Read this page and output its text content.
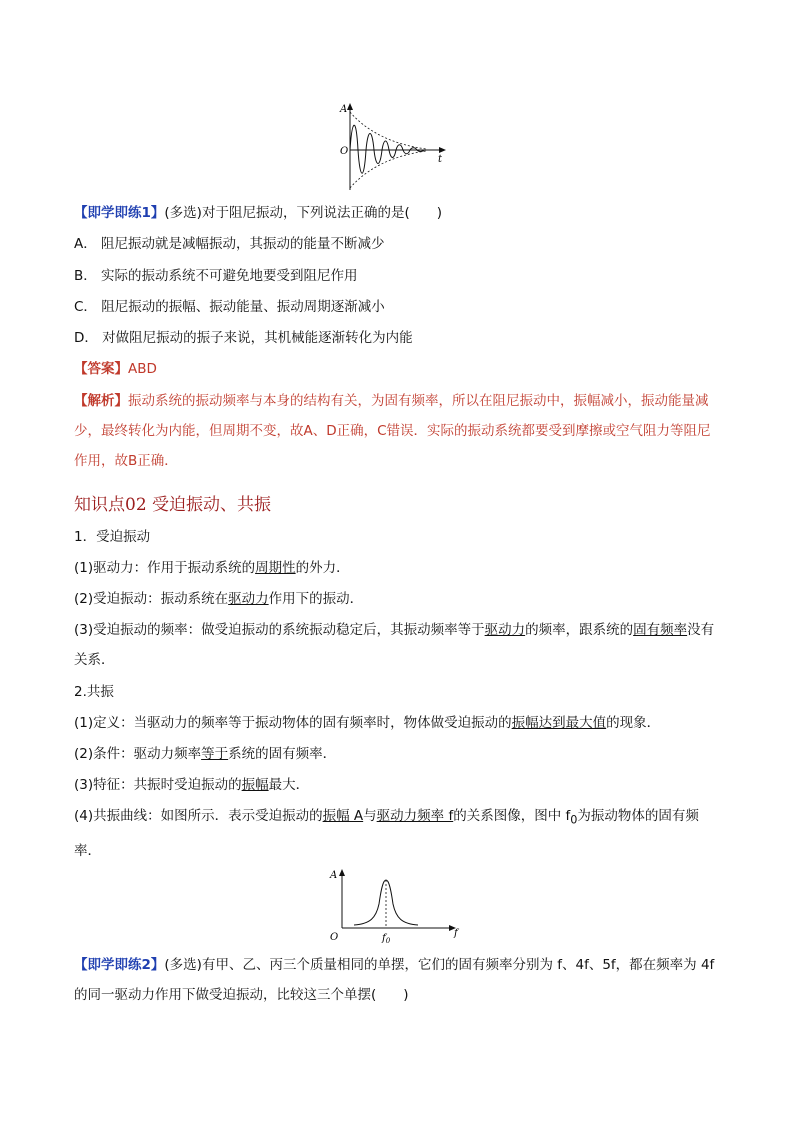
A
O
t
【即学即练1】(多选)对于阻尼振动，下列说法正确的是(　　)
A． 阻尼振动就是减幅振动，其振动的能量不断减少
B． 实际的振动系统不可避免地要受到阻尼作用
C． 阻尼振动的振幅、振动能量、振动周期逐渐减小
D． 对做阻尼振动的振子来说，其机械能逐渐转化为内能
【答案】ABD
【解析】振动系统的振动频率与本身的结构有关，为固有频率，所以在阻尼振动中，振幅减小，振动能量减少，最终转化为内能，但周期不变，故A、D正确，C错误．实际的振动系统都要受到摩擦或空气阻力等阻尼作用，故B正确．
知识点02 受迫振动、共振
1．受迫振动
(1)驱动力：作用于振动系统的周期性的外力．
(2)受迫振动：振动系统在驱动力作用下的振动．
(3)受迫振动的频率：做受迫振动的系统振动稳定后，其振动频率等于驱动力的频率，跟系统的固有频率没有关系．
2.共振
(1)定义：当驱动力的频率等于振动物体的固有频率时，物体做受迫振动的振幅达到最大值的现象．
(2)条件：驱动力频率等于系统的固有频率．
(3)特征：共振时受迫振动的振幅最大．
(4)共振曲线：如图所示．表示受迫振动的振幅 A与驱动力频率 f的关系图像，图中 $f_0$为振动物体的固有频率．
A
O	f
$f_0$
【即学即练2】(多选)有甲、乙、丙三个质量相同的单摆，它们的固有频率分别为 f、4f、5f，都在频率为 4f 的同一驱动力作用下做受迫振动，比较这三个单摆(　　)
